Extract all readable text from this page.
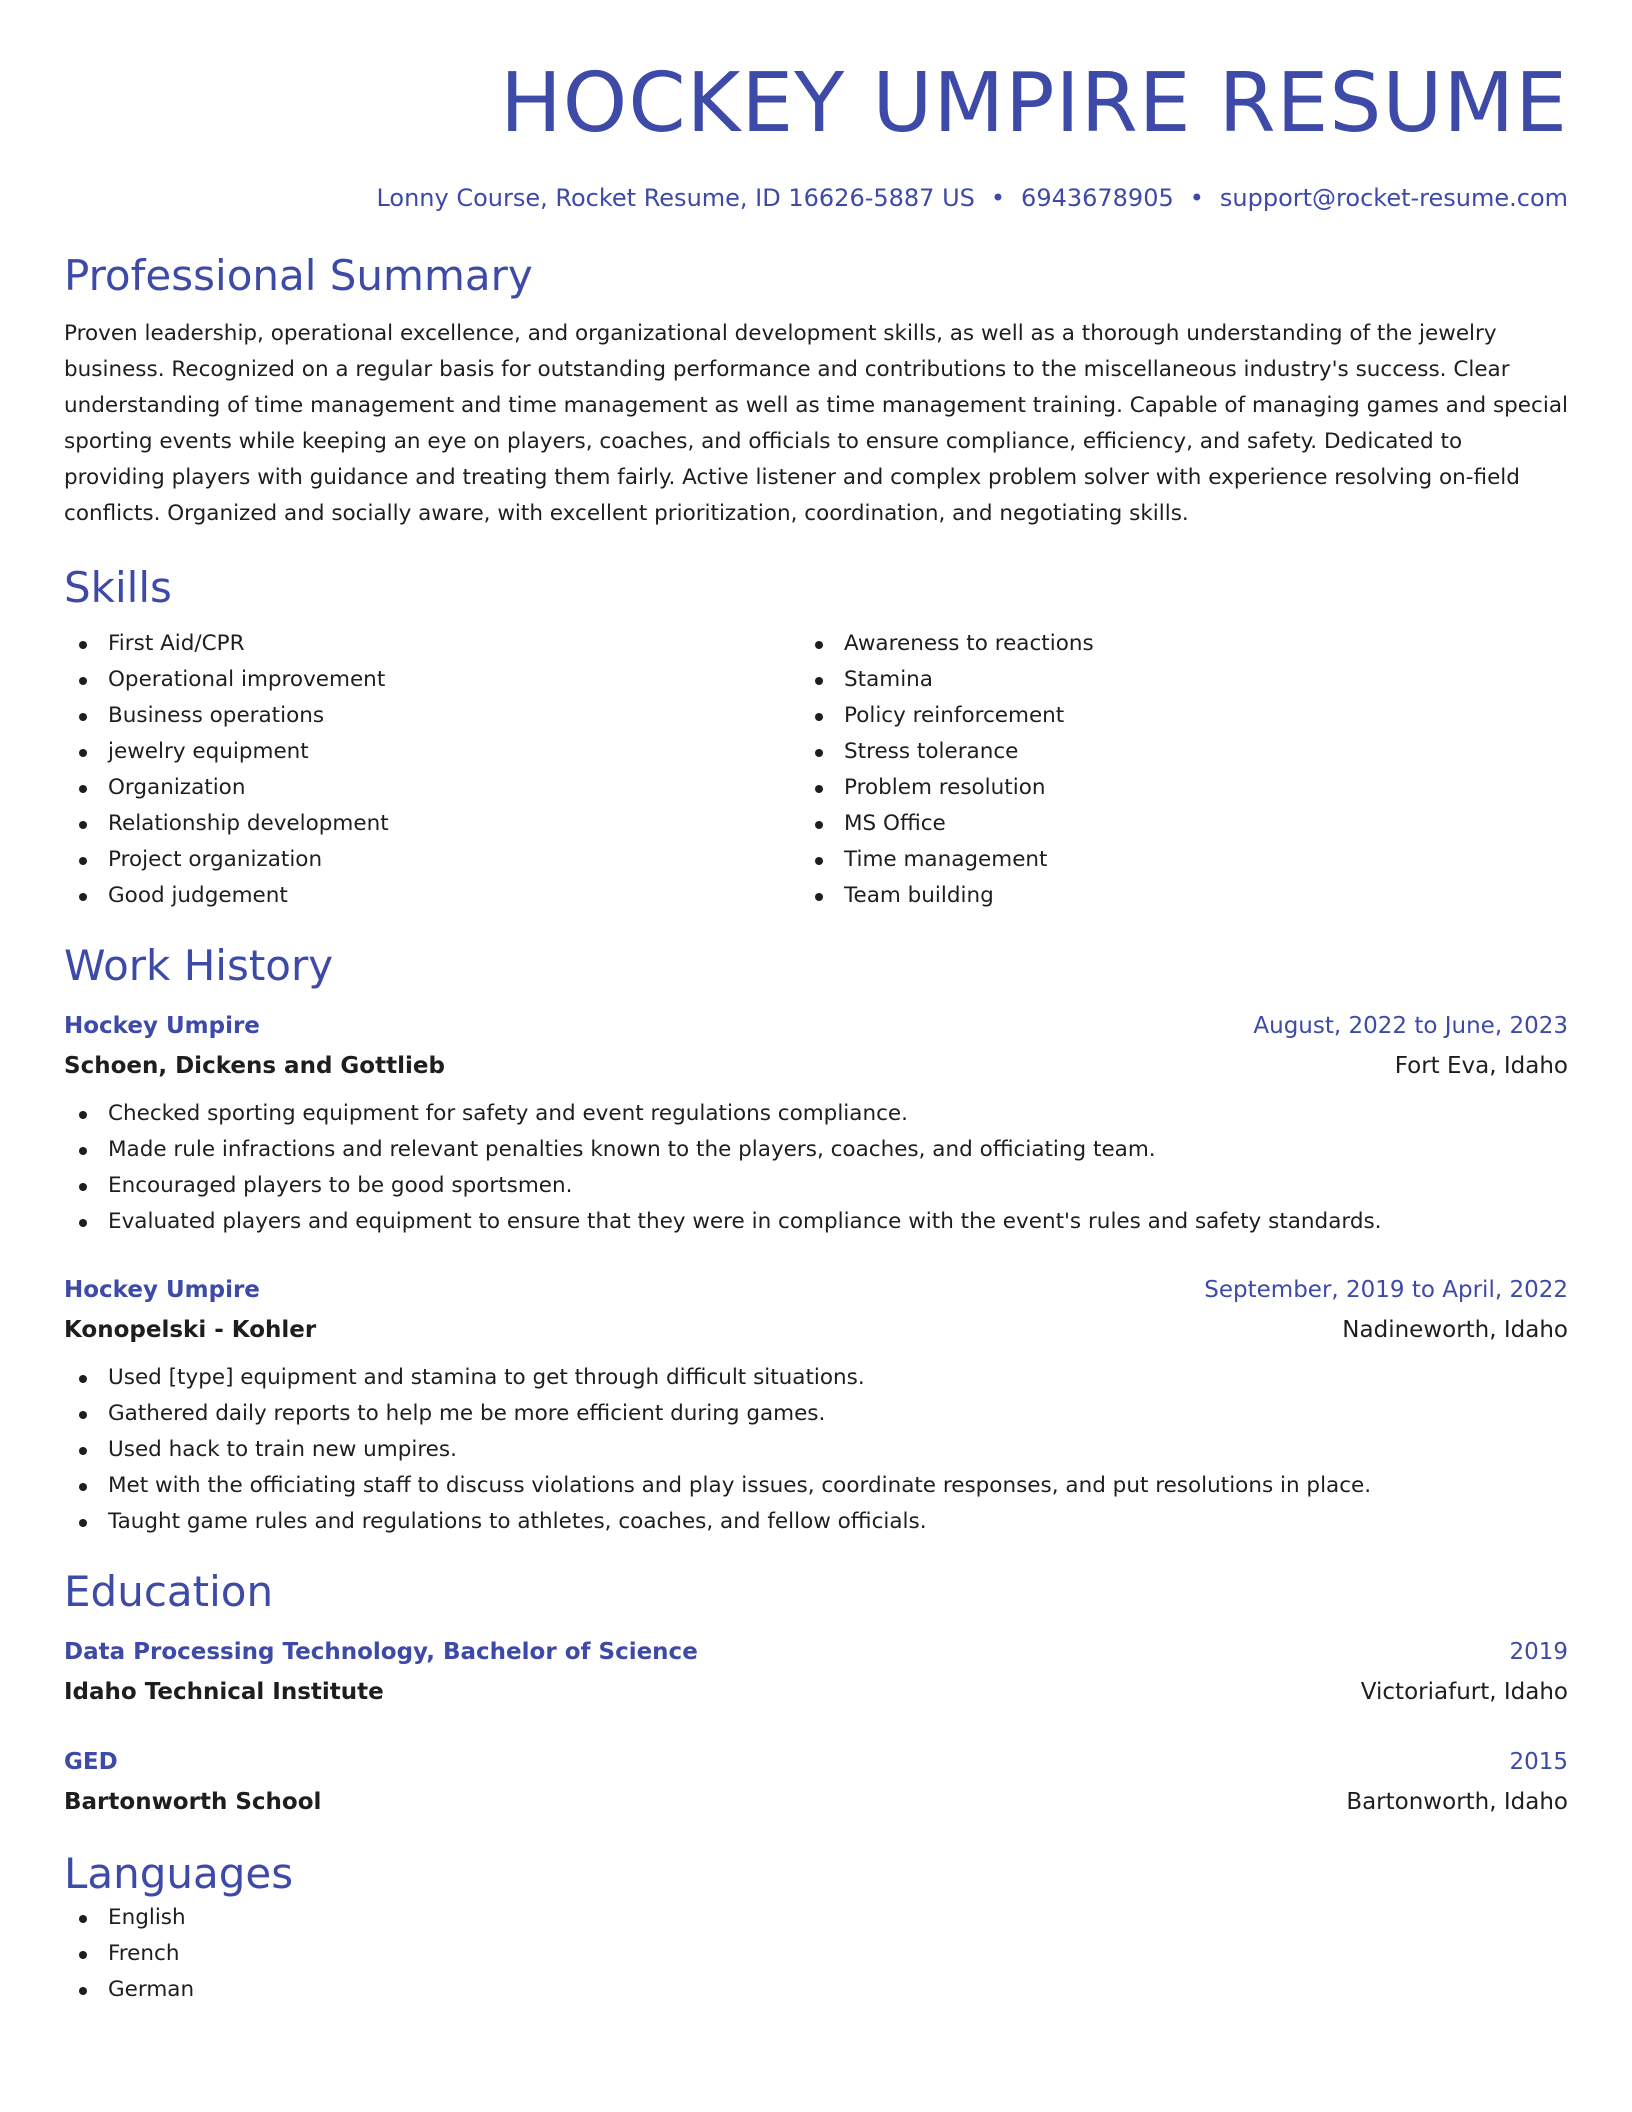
HOCKEY UMPIRE RESUME
Lonny Course, Rocket Resume, ID 16626-5887 US • 6943678905 • support@rocket-resume.com
Professional Summary

Proven leadership, operational excellence, and organizational development skills, as well as a thorough understanding of the jewelry business. Recognized on a regular basis for outstanding performance and contributions to the miscellaneous industry's success. Clear understanding of time management and time management as well as time management training. Capable of managing games and special sporting events while keeping an eye on players, coaches, and officials to ensure compliance, efficiency, and safety. Dedicated to providing players with guidance and treating them fairly. Active listener and complex problem solver with experience resolving on-field conflicts. Organized and socially aware, with excellent prioritization, coordination, and negotiating skills.

Skills
First Aid/CPR
Operational improvement
Business operations
jewelry equipment
Organization
Relationship development
Project organization
Good judgement
Awareness to reactions
Stamina
Policy reinforcement
Stress tolerance
Problem resolution
MS Office
Time management
Team building
Work History
Hockey Umpire	August, 2022 to June, 2023
Schoen, Dickens and Gottlieb	Fort Eva, Idaho
Checked sporting equipment for safety and event regulations compliance.
Made rule infractions and relevant penalties known to the players, coaches, and officiating team.
Encouraged players to be good sportsmen.
Evaluated players and equipment to ensure that they were in compliance with the event's rules and safety standards.
Hockey Umpire	September, 2019 to April, 2022
Konopelski - Kohler	Nadineworth, Idaho
Used [type] equipment and stamina to get through difficult situations.
Gathered daily reports to help me be more efficient during games.
Used hack to train new umpires.
Met with the officiating staff to discuss violations and play issues, coordinate responses, and put resolutions in place.
Taught game rules and regulations to athletes, coaches, and fellow officials.
Education
Data Processing Technology, Bachelor of Science	2019
Idaho Technical Institute	Victoriafurt, Idaho
GED	2015
Bartonworth School	Bartonworth, Idaho
Languages
English
French
German
